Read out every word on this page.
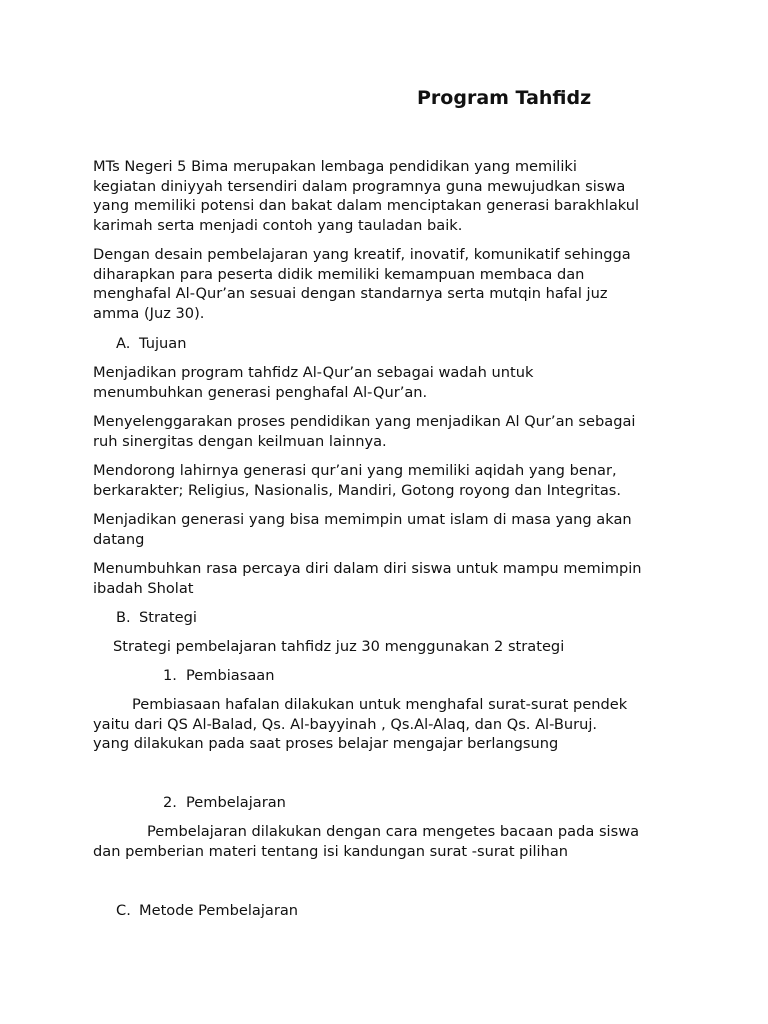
Program Tahfidz
MTs Negeri 5 Bima merupakan lembaga pendidikan yang memiliki
kegiatan diniyyah tersendiri dalam programnya guna mewujudkan siswa
yang memiliki potensi dan bakat dalam menciptakan generasi barakhlakul
karimah serta menjadi contoh yang tauladan baik.
Dengan desain pembelajaran yang kreatif, inovatif, komunikatif sehingga
diharapkan para peserta didik memiliki kemampuan membaca dan
menghafal Al-Qur’an sesuai dengan standarnya serta mutqin hafal juz
amma (Juz 30).
A. Tujuan
Menjadikan program tahfidz Al-Qur’an sebagai wadah untuk
menumbuhkan generasi penghafal Al-Qur’an.
Menyelenggarakan proses pendidikan yang menjadikan Al Qur’an sebagai
ruh sinergitas dengan keilmuan lainnya.
Mendorong lahirnya generasi qur’ani yang memiliki aqidah yang benar,
berkarakter; Religius, Nasionalis, Mandiri, Gotong royong dan Integritas.
Menjadikan generasi yang bisa memimpin umat islam di masa yang akan
datang
Menumbuhkan rasa percaya diri dalam diri siswa untuk mampu memimpin
ibadah Sholat
B. Strategi
Strategi pembelajaran tahfidz juz 30 menggunakan 2 strategi
1. Pembiasaan
Pembiasaan hafalan dilakukan untuk menghafal surat-surat pendek
yaitu dari QS Al-Balad, Qs. Al-bayyinah , Qs.Al-Alaq, dan Qs. Al-Buruj.
yang dilakukan pada saat proses belajar mengajar berlangsung
2. Pembelajaran
Pembelajaran dilakukan dengan cara mengetes bacaan pada siswa
dan pemberian materi tentang isi kandungan surat -surat pilihan
C. Metode Pembelajaran
